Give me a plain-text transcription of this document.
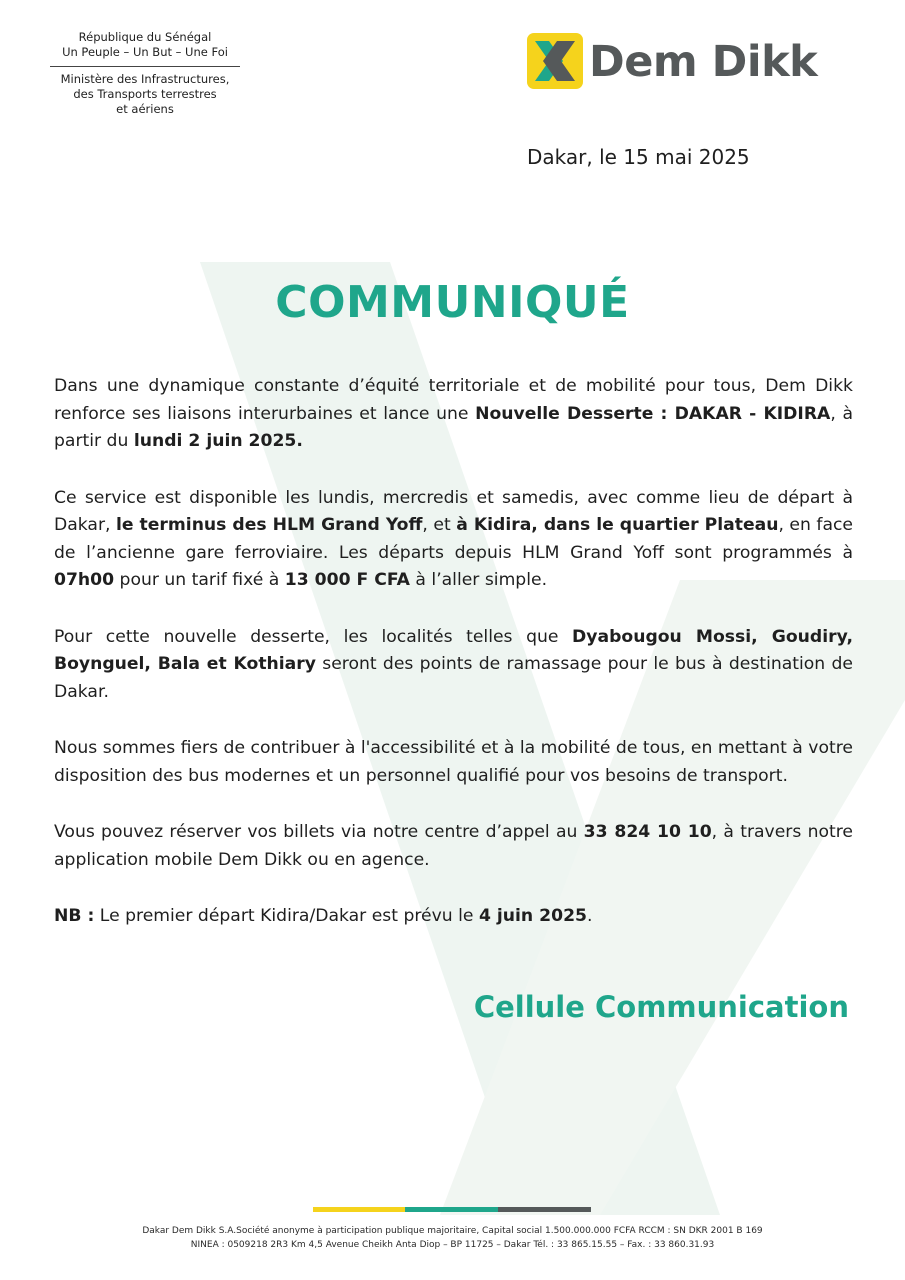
République du Sénégal
Un Peuple – Un But – Une Foi
Ministère des Infrastructures,
des Transports terrestres
et aériens
Dem Dikk
Dakar, le 15 mai 2025
COMMUNIQUÉ

Dans une dynamique constante d’équité territoriale et de mobilité pour tous, Dem Dikk renforce ses liaisons interurbaines et lance une Nouvelle Desserte : DAKAR - KIDIRA, à partir du lundi 2 juin 2025.

Ce service est disponible les lundis, mercredis et samedis, avec comme lieu de départ à Dakar, le terminus des HLM Grand Yoff, et à Kidira, dans le quartier Plateau, en face de l’ancienne gare ferroviaire. Les départs depuis HLM Grand Yoff sont programmés à 07h00 pour un tarif fixé à 13 000 F CFA à l’aller simple.

Pour cette nouvelle desserte, les localités telles que Dyabougou Mossi, Goudiry, Boynguel, Bala et Kothiary seront des points de ramassage pour le bus à destination de Dakar.

Nous sommes fiers de contribuer à l'accessibilité et à la mobilité de tous, en mettant à votre disposition des bus modernes et un personnel qualifié pour vos besoins de transport.

Vous pouvez réserver vos billets via notre centre d’appel au 33 824 10 10, à travers notre application mobile Dem Dikk ou en agence.

NB : Le premier départ Kidira/Dakar est prévu le 4 juin 2025.

Cellule Communication
Dakar Dem Dikk S.A.Société anonyme à participation publique majoritaire, Capital social 1.500.000.000 FCFA RCCM : SN DKR 2001 B 169
NINEA : 0509218 2R3 Km 4,5 Avenue Cheikh Anta Diop – BP 11725 – Dakar Tél. : 33 865.15.55 – Fax. : 33 860.31.93
